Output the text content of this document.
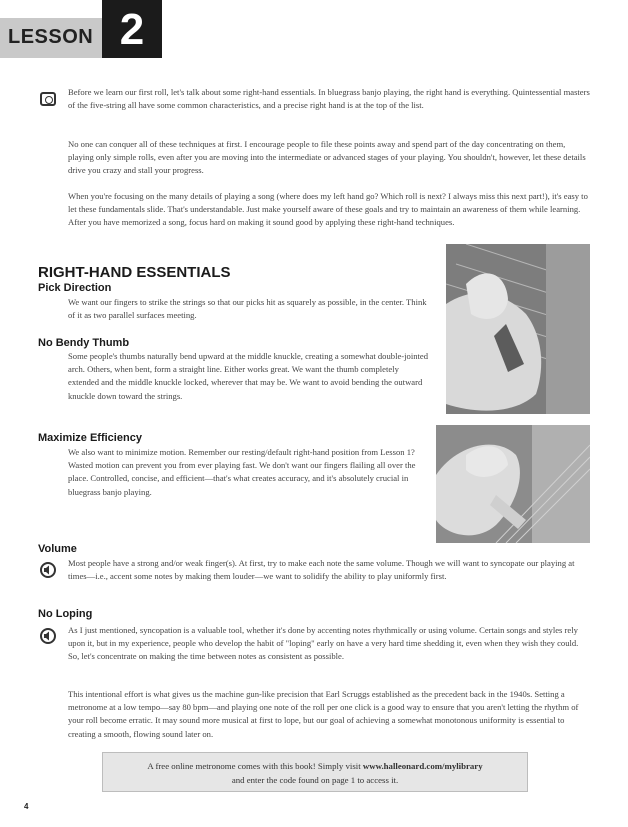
LESSON 2

Before we learn our first roll, let's talk about some right-hand essentials. In bluegrass banjo playing, the right hand is everything. Quintessential masters of the five-string all have some common characteristics, and a precise right hand is at the top of the list.

No one can conquer all of these techniques at first. I encourage people to file these points away and spend part of the day concentrating on them, playing only simple rolls, even after you are moving into the intermediate or advanced stages of your playing. You shouldn't, however, let these details drive you crazy and stall your progress.

When you're focusing on the many details of playing a song (where does my left hand go? Which roll is next? I always miss this next part!), it's easy to let these fundamentals slide. That's understandable. Just make yourself aware of these goals and try to maintain an awareness of them while learning. After you have memorized a song, focus hard on making it sound good by applying these right-hand techniques.

RIGHT-HAND ESSENTIALS
Pick Direction

We want our fingers to strike the strings so that our picks hit as squarely as possible, in the center. Think of it as two parallel surfaces meeting.

No Bendy Thumb

Some people's thumbs naturally bend upward at the middle knuckle, creating a somewhat double-jointed arch. Others, when bent, form a straight line. Either works great. We want the thumb completely extended and the middle knuckle locked, wherever that may be. We want to avoid bending the outward knuckle down toward the strings.

Maximize Efficiency

We also want to minimize motion. Remember our resting/default right-hand position from Lesson 1? Wasted motion can prevent you from ever playing fast. We don't want our fingers flailing all over the place. Controlled, concise, and efficient—that's what creates accuracy, and it's absolutely crucial in bluegrass banjo playing.

Volume

Most people have a strong and/or weak finger(s). At first, try to make each note the same volume. Though we will want to syncopate our playing at times—i.e., accent some notes by making them louder—we want to solidify the ability to play uniformly first.

No Loping

As I just mentioned, syncopation is a valuable tool, whether it's done by accenting notes rhythmically or using volume. Certain songs and styles rely upon it, but in my experience, people who develop the habit of "loping" early on have a very hard time shedding it, even when they wish they could. So, let's concentrate on making the time between notes as consistent as possible.

This intentional effort is what gives us the machine gun-like precision that Earl Scruggs established as the precedent back in the 1940s. Setting a metronome at a low tempo—say 80 bpm—and playing one note of the roll per one click is a good way to ensure that you aren't letting the rhythm of your roll become erratic. It may sound more musical at first to lope, but our goal of achieving a somewhat monotonous uniformity is essential to creating a smooth, flowing sound later on.

A free online metronome comes with this book! Simply visit www.halleonard.com/mylibrary
and enter the code found on page 1 to access it.
4
